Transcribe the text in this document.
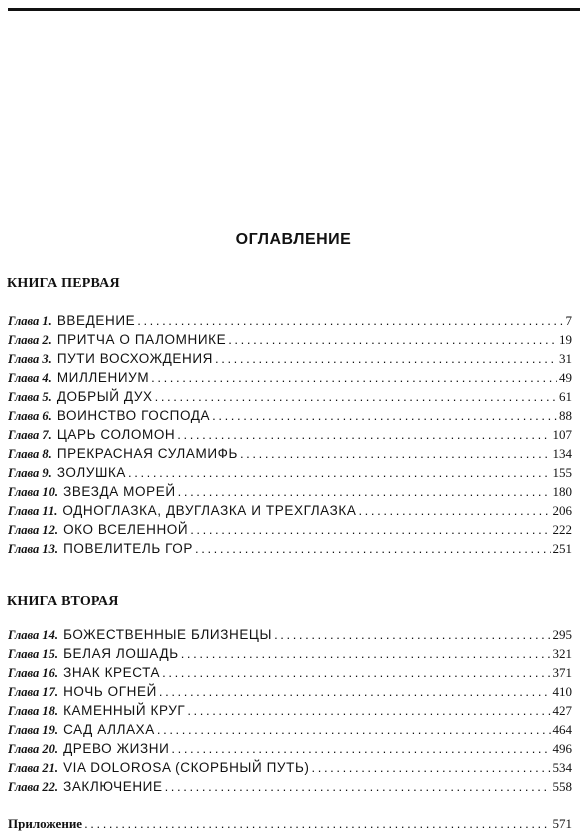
ОГЛАВЛЕНИЕ
КНИГА ПЕРВАЯ
Глава 1. ВВЕДЕНИЕ .....	7
Глава 2. ПРИТЧА О ПАЛОМНИКЕ .....	19
Глава 3. ПУТИ ВОСХОЖДЕНИЯ .....	31
Глава 4. МИЛЛЕНИУМ .....	49
Глава 5. ДОБРЫЙ ДУХ .....	61
Глава 6. ВОИНСТВО ГОСПОДА .....	88
Глава 7. ЦАРЬ СОЛОМОН .....	107
Глава 8. ПРЕКРАСНАЯ СУЛАМИФЬ .....	134
Глава 9. ЗОЛУШКА .....	155
Глава 10. ЗВЕЗДА МОРЕЙ .....	180
Глава 11. ОДНОГЛАЗКА, ДВУГЛАЗКА И ТРЕХГЛАЗКА .....	206
Глава 12. ОКО ВСЕЛЕННОЙ .....	222
Глава 13. ПОВЕЛИТЕЛЬ ГОР .....	251
КНИГА ВТОРАЯ
Глава 14. БОЖЕСТВЕННЫЕ БЛИЗНЕЦЫ .....	295
Глава 15. БЕЛАЯ ЛОШАДЬ .....	321
Глава 16. ЗНАК КРЕСТА .....	371
Глава 17. НОЧЬ ОГНЕЙ .....	410
Глава 18. КАМЕННЫЙ КРУГ .....	427
Глава 19. САД АЛЛАХА .....	464
Глава 20. ДРЕВО ЖИЗНИ .....	496
Глава 21. VIA DOLOROSA (СКОРБНЫЙ ПУТЬ) .....	534
Глава 22. ЗАКЛЮЧЕНИЕ .....	558
Приложение .....	571
